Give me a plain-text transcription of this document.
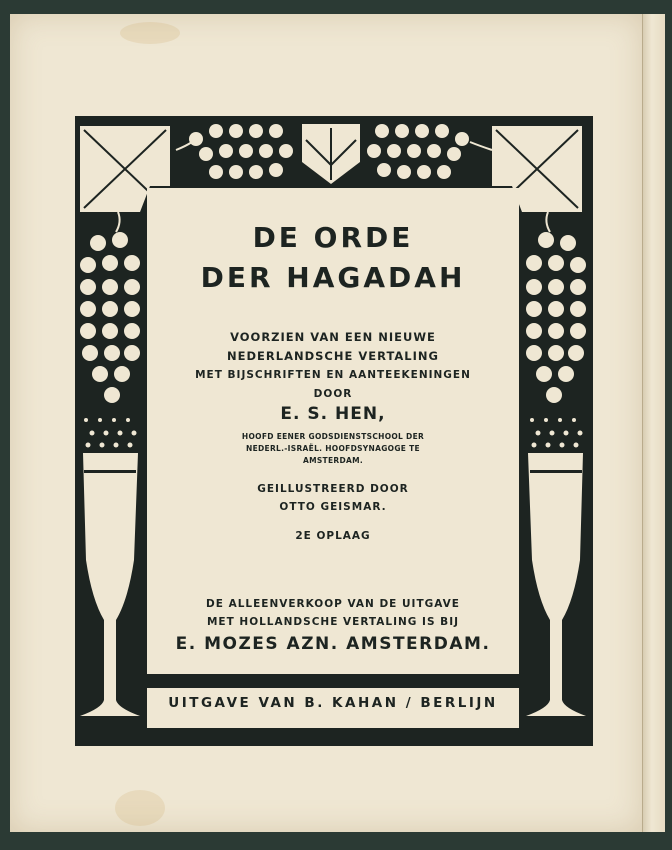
DE ORDE
DER HAGADAH
VOORZIEN VAN EEN NIEUWE
NEDERLANDSCHE VERTALING
MET BIJSCHRIFTEN EN AANTEEKENINGEN
DOOR
E. S. HEN,
HOOFD EENER GODSDIENSTSCHOOL DER
NEDERL.-ISRAËL. HOOFDSYNAGOGE TE
AMSTERDAM.
GEILLUSTREERD DOOR
OTTO GEISMAR.
2E OPLAAG
DE ALLEENVERKOOP VAN DE UITGAVE
MET HOLLANDSCHE VERTALING IS BIJ
E. MOZES AZN. AMSTERDAM.
UITGAVE VAN B. KAHAN / BERLIJN
